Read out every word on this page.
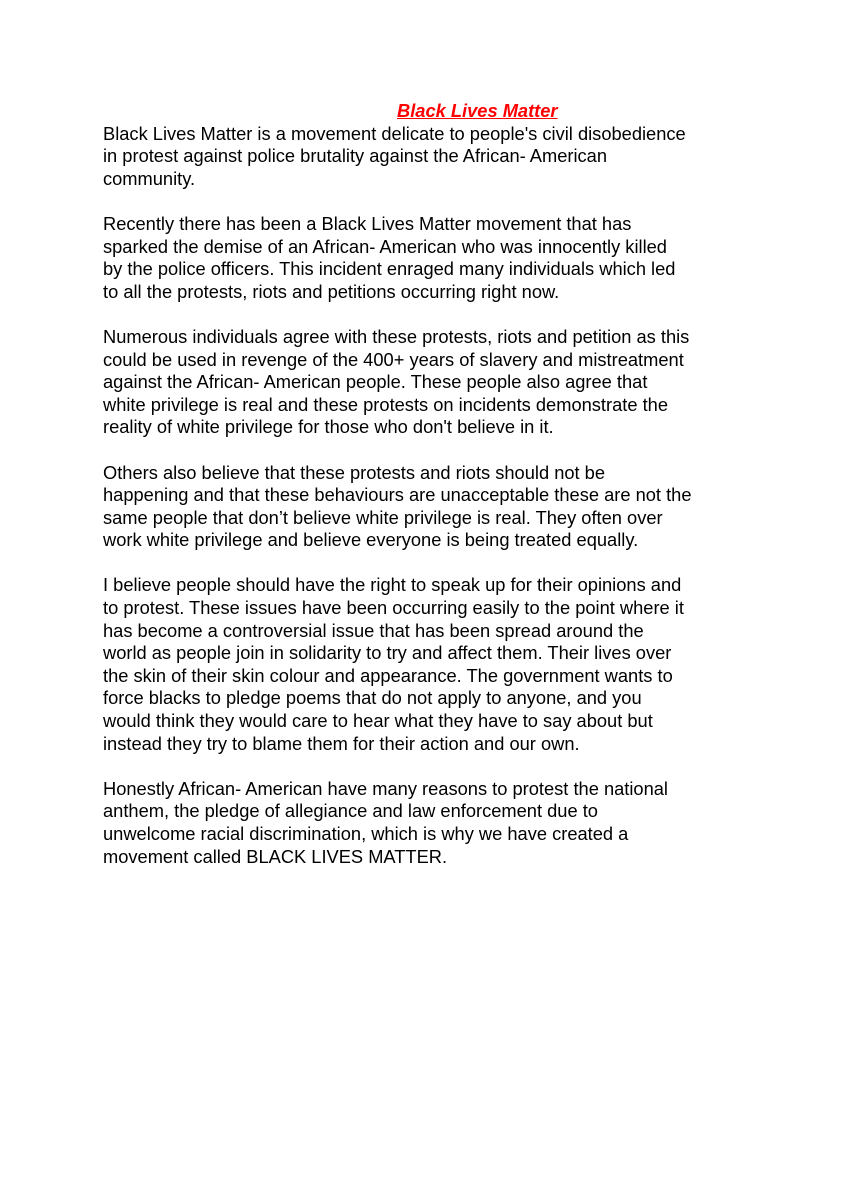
Black Lives Matter

Black Lives Matter is a movement delicate to people's civil disobedience
in protest against police brutality against the African- American
community.

Recently there has been a Black Lives Matter movement that has
sparked the demise of an African- American who was innocently killed
by the police officers. This incident enraged many individuals which led
to all the protests, riots and petitions occurring right now.

Numerous individuals agree with these protests, riots and petition as this
could be used in revenge of the 400+ years of slavery and mistreatment
against the African- American people. These people also agree that
white privilege is real and these protests on incidents demonstrate the
reality of white privilege for those who don't believe in it.

Others also believe that these protests and riots should not be
happening and that these behaviours are unacceptable these are not the
same people that don’t believe white privilege is real. They often over
work white privilege and believe everyone is being treated equally.

I believe people should have the right to speak up for their opinions and
to protest. These issues have been occurring easily to the point where it
has become a controversial issue that has been spread around the
world as people join in solidarity to try and affect them. Their lives over
the skin of their skin colour and appearance. The government wants to
force blacks to pledge poems that do not apply to anyone, and you
would think they would care to hear what they have to say about but
instead they try to blame them for their action and our own.

Honestly African- American have many reasons to protest the national
anthem, the pledge of allegiance and law enforcement due to
unwelcome racial discrimination, which is why we have created a
movement called BLACK LIVES MATTER.
